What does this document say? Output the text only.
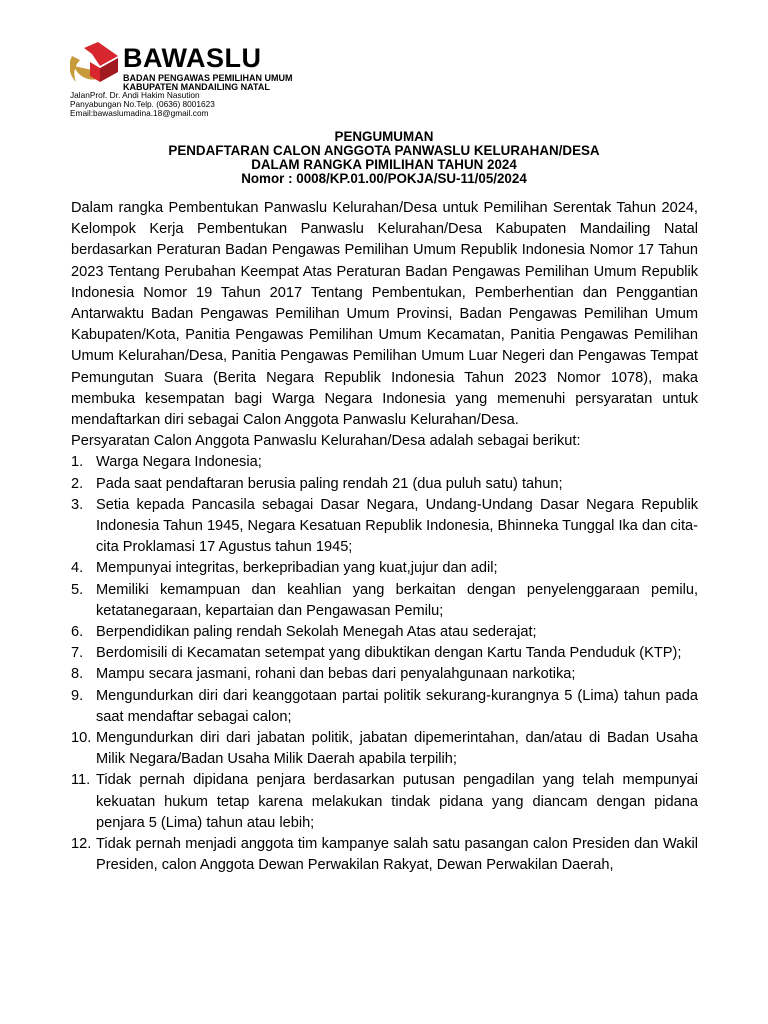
BAWASLU
BADAN PENGAWAS PEMILIHAN UMUM
KABUPATEN MANDAILING NATAL
JalanProf. Dr. Andi Hakim Nasution
Panyabungan No.Telp. (0636) 8001623
Email:bawaslumadina.18@gmail.com
PENGUMUMAN
PENDAFTARAN CALON ANGGOTA PANWASLU KELURAHAN/DESA
DALAM RANGKA PIMILIHAN TAHUN 2024
Nomor : 0008/KP.01.00/POKJA/SU-11/05/2024

Dalam rangka Pembentukan Panwaslu Kelurahan/Desa untuk Pemilihan Serentak Tahun 2024, Kelompok Kerja Pembentukan Panwaslu Kelurahan/Desa Kabupaten Mandailing Natal berdasarkan Peraturan Badan Pengawas Pemilihan Umum Republik Indonesia Nomor 17 Tahun 2023 Tentang Perubahan Keempat Atas Peraturan Badan Pengawas Pemilihan Umum Republik Indonesia Nomor 19 Tahun 2017 Tentang Pembentukan, Pemberhentian dan Penggantian Antarwaktu Badan Pengawas Pemilihan Umum Provinsi, Badan Pengawas Pemilihan Umum Kabupaten/Kota, Panitia Pengawas Pemilihan Umum Kecamatan, Panitia Pengawas Pemilihan Umum Kelurahan/Desa, Panitia Pengawas Pemilihan Umum Luar Negeri dan Pengawas Tempat Pemungutan Suara (Berita Negara Republik Indonesia Tahun 2023 Nomor 1078), maka membuka kesempatan bagi Warga Negara Indonesia yang memenuhi persyaratan untuk mendaftarkan diri sebagai Calon Anggota Panwaslu Kelurahan/Desa.

Persyaratan Calon Anggota Panwaslu Kelurahan/Desa adalah sebagai berikut:

1. Warga Negara Indonesia;
2. Pada saat pendaftaran berusia paling rendah 21 (dua puluh satu) tahun;
3. Setia kepada Pancasila sebagai Dasar Negara, Undang-Undang Dasar Negara Republik Indonesia Tahun 1945, Negara Kesatuan Republik Indonesia, Bhinneka Tunggal Ika dan cita-cita Proklamasi 17 Agustus tahun 1945;
4. Mempunyai integritas, berkepribadian yang kuat,jujur dan adil;
5. Memiliki kemampuan dan keahlian yang berkaitan dengan penyelenggaraan pemilu, ketatanegaraan, kepartaian dan Pengawasan Pemilu;
6. Berpendidikan paling rendah Sekolah Menegah Atas atau sederajat;
7. Berdomisili di Kecamatan setempat yang dibuktikan dengan Kartu Tanda Penduduk (KTP);
8. Mampu secara jasmani, rohani dan bebas dari penyalahgunaan narkotika;
9. Mengundurkan diri dari keanggotaan partai politik sekurang-kurangnya 5 (Lima) tahun pada saat mendaftar sebagai calon;
10. Mengundurkan diri dari jabatan politik, jabatan dipemerintahan, dan/atau di Badan Usaha Milik Negara/Badan Usaha Milik Daerah apabila terpilih;
11. Tidak pernah dipidana penjara berdasarkan putusan pengadilan yang telah mempunyai kekuatan hukum tetap karena melakukan tindak pidana yang diancam dengan pidana penjara 5 (Lima) tahun atau lebih;
12. Tidak pernah menjadi anggota tim kampanye salah satu pasangan calon Presiden dan Wakil Presiden, calon Anggota Dewan Perwakilan Rakyat, Dewan Perwakilan Daerah,
